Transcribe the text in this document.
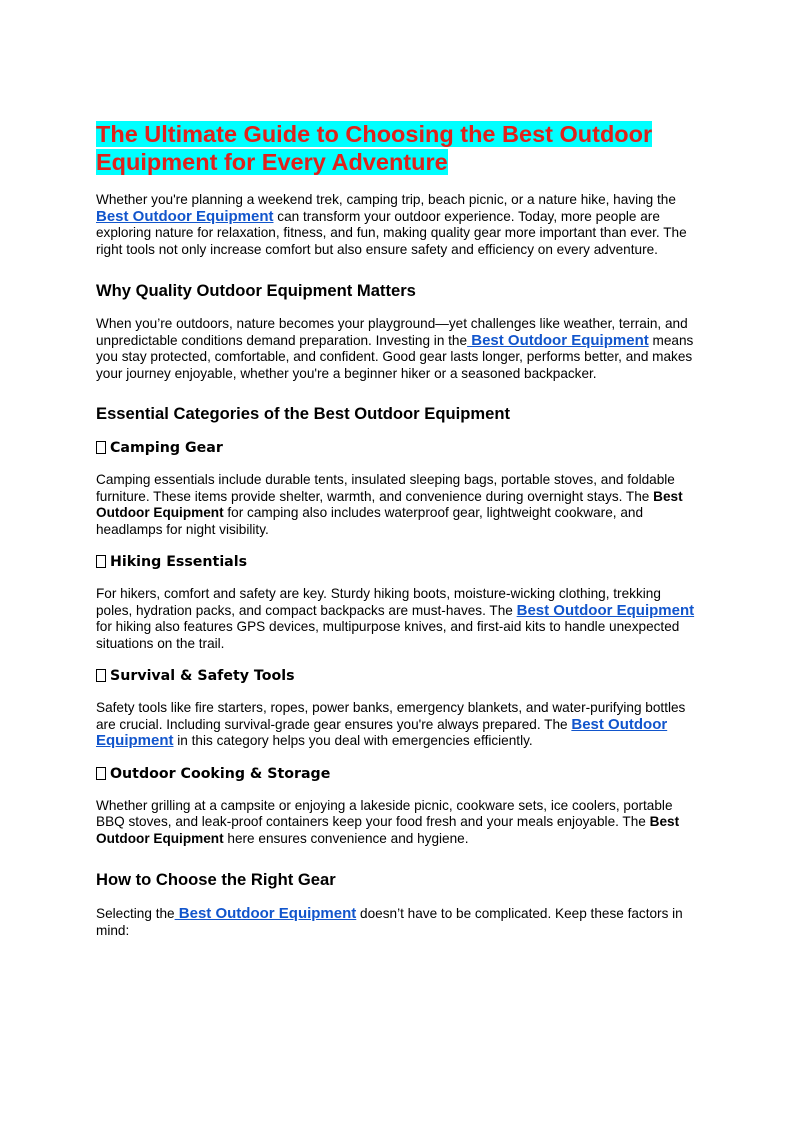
The Ultimate Guide to Choosing the Best Outdoor Equipment for Every Adventure

Whether you're planning a weekend trek, camping trip, beach picnic, or a nature hike, having the Best Outdoor Equipment can transform your outdoor experience. Today, more people are exploring nature for relaxation, fitness, and fun, making quality gear more important than ever. The right tools not only increase comfort but also ensure safety and efficiency on every adventure.

Why Quality Outdoor Equipment Matters

When you’re outdoors, nature becomes your playground—yet challenges like weather, terrain, and unpredictable conditions demand preparation. Investing in the Best Outdoor Equipment means you stay protected, comfortable, and confident. Good gear lasts longer, performs better, and makes your journey enjoyable, whether you're a beginner hiker or a seasoned backpacker.

Essential Categories of the Best Outdoor Equipment
Camping Gear

Camping essentials include durable tents, insulated sleeping bags, portable stoves, and foldable furniture. These items provide shelter, warmth, and convenience during overnight stays. The Best Outdoor Equipment for camping also includes waterproof gear, lightweight cookware, and headlamps for night visibility.

Hiking Essentials

For hikers, comfort and safety are key. Sturdy hiking boots, moisture-wicking clothing, trekking poles, hydration packs, and compact backpacks are must-haves. The Best Outdoor Equipment for hiking also features GPS devices, multipurpose knives, and first-aid kits to handle unexpected situations on the trail.

Survival & Safety Tools

Safety tools like fire starters, ropes, power banks, emergency blankets, and water-purifying bottles are crucial. Including survival-grade gear ensures you're always prepared. The Best Outdoor Equipment in this category helps you deal with emergencies efficiently.

Outdoor Cooking & Storage

Whether grilling at a campsite or enjoying a lakeside picnic, cookware sets, ice coolers, portable BBQ stoves, and leak-proof containers keep your food fresh and your meals enjoyable. The Best Outdoor Equipment here ensures convenience and hygiene.

How to Choose the Right Gear

Selecting the Best Outdoor Equipment doesn’t have to be complicated. Keep these factors in mind:
